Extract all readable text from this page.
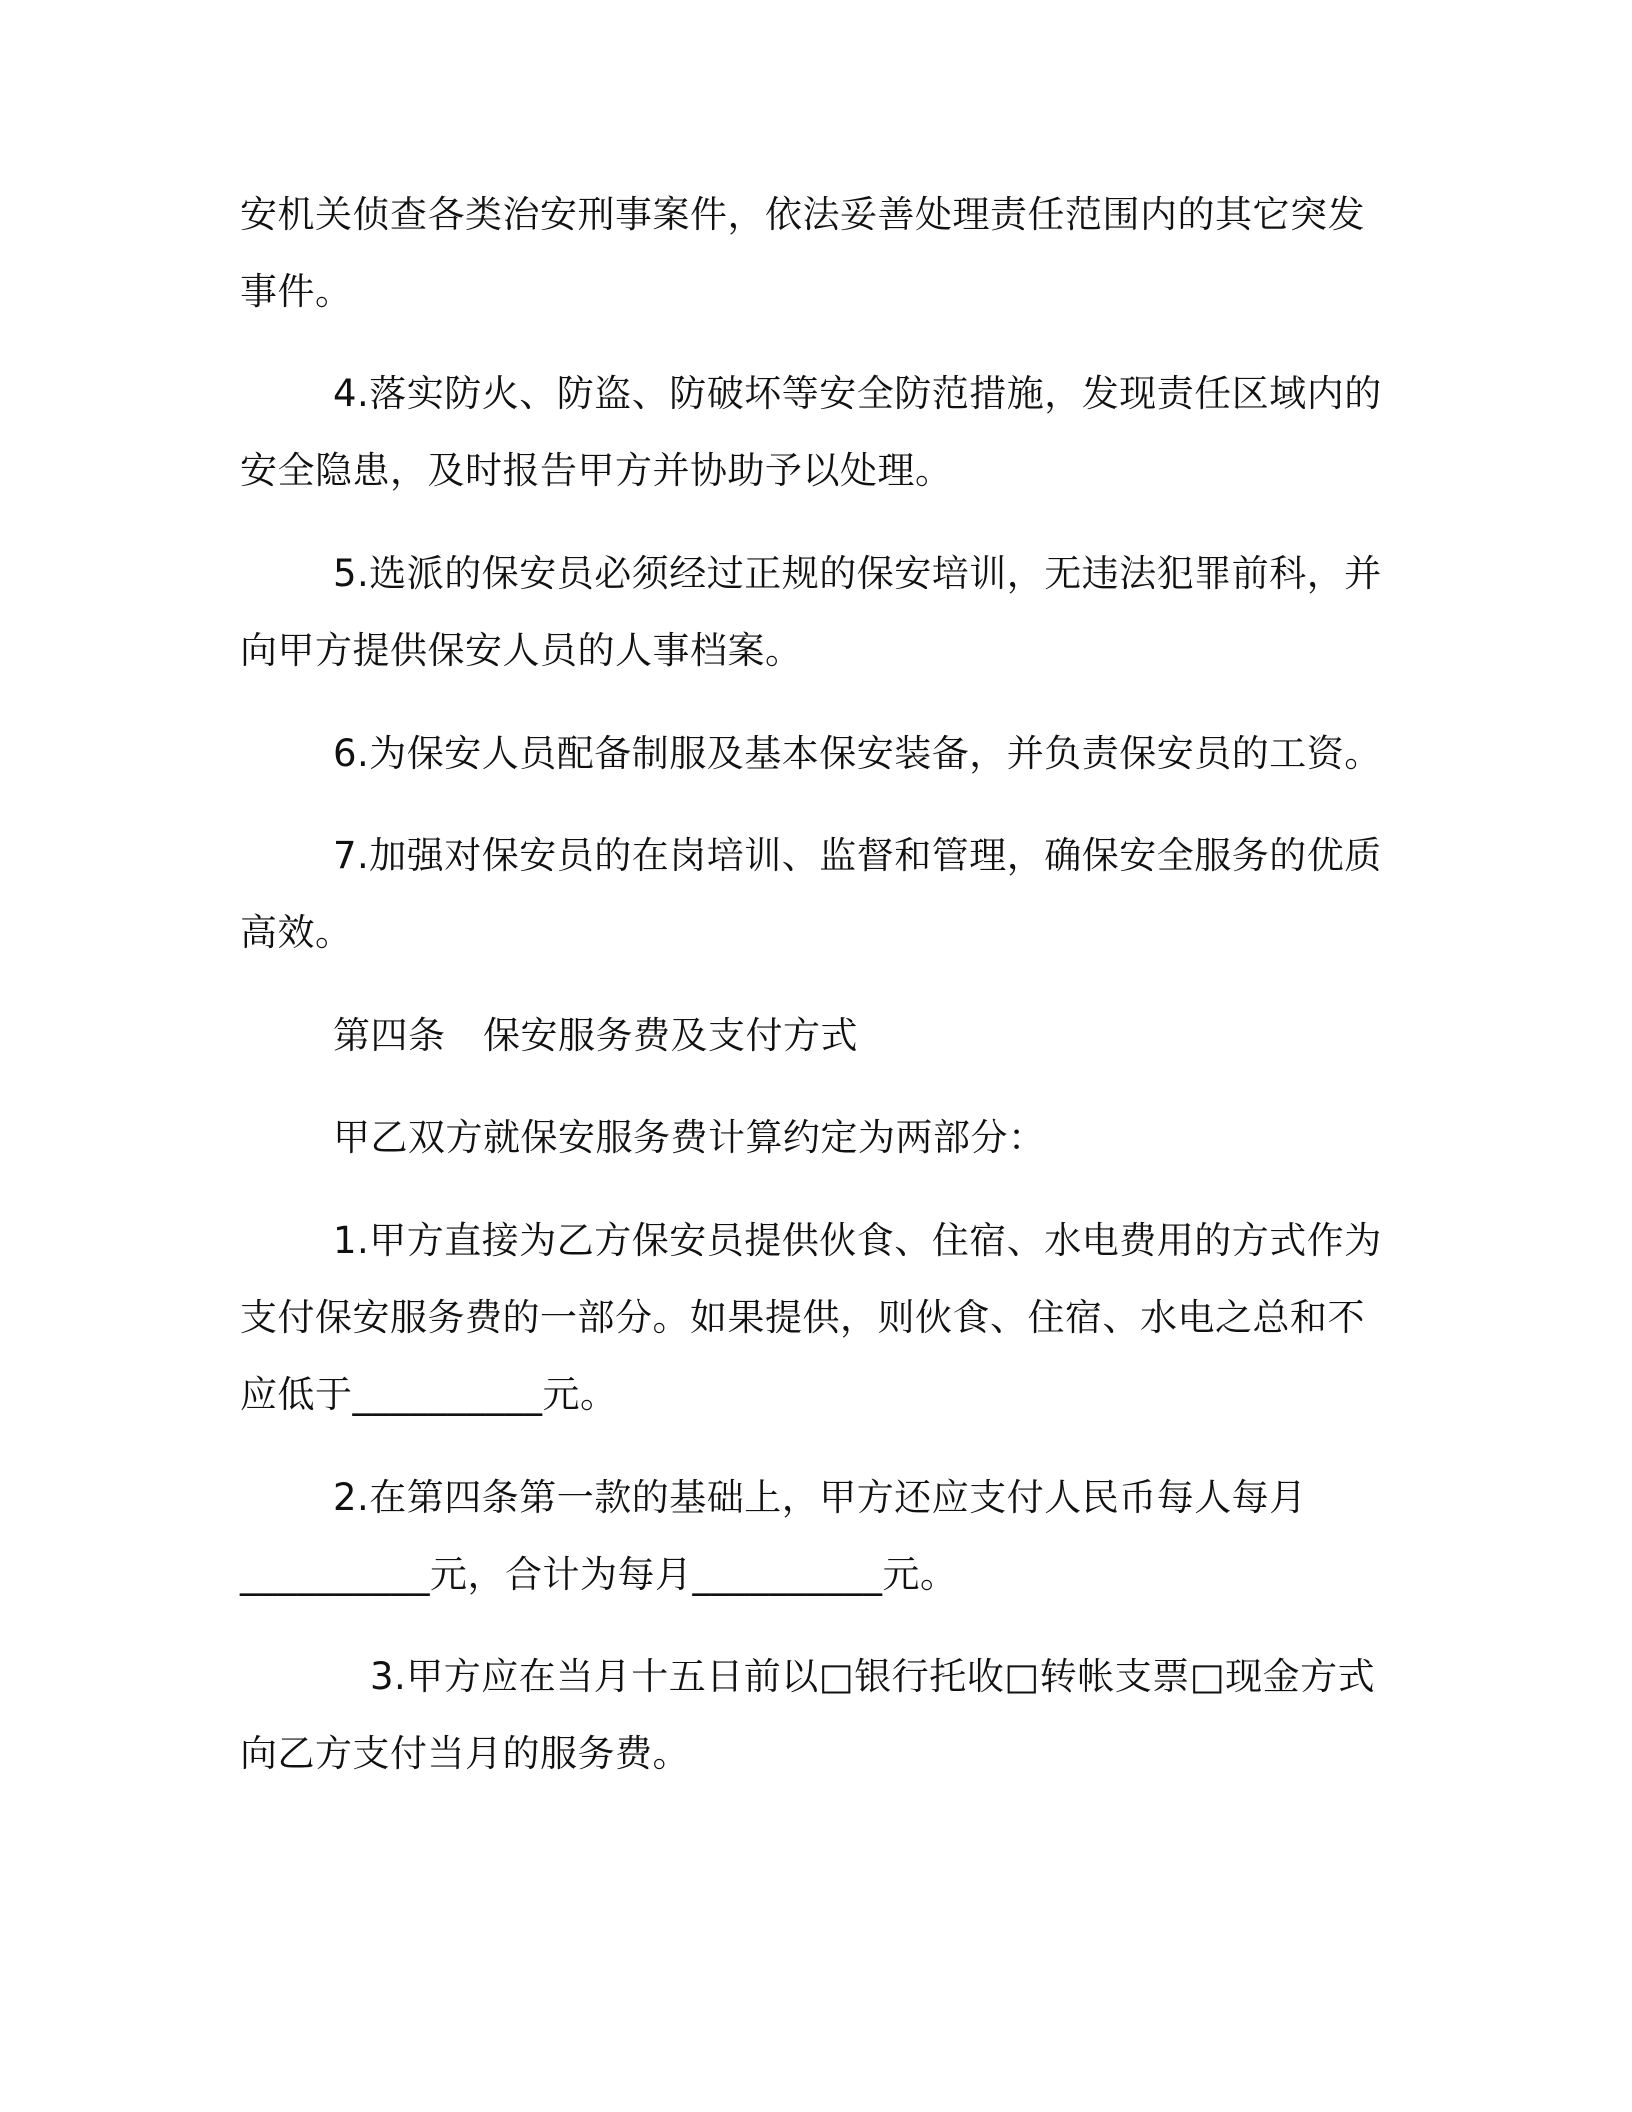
安机关侦查各类治安刑事案件，依法妥善处理责任范围内的其它突发
事件。
4.落实防火、防盗、防破坏等安全防范措施，发现责任区域内的
安全隐患，及时报告甲方并协助予以处理。
5.选派的保安员必须经过正规的保安培训，无违法犯罪前科，并
向甲方提供保安人员的人事档案。
6.为保安人员配备制服及基本保安装备，并负责保安员的工资。
7.加强对保安员的在岗培训、监督和管理，确保安全服务的优质
高效。
第四条　保安服务费及支付方式
甲乙双方就保安服务费计算约定为两部分：
1.甲方直接为乙方保安员提供伙食、住宿、水电费用的方式作为
支付保安服务费的一部分。如果提供，则伙食、住宿、水电之总和不
应低于__________元。
2.在第四条第一款的基础上，甲方还应支付人民币每人每月
__________元，合计为每月__________元。
3.甲方应在当月十五日前以□银行托收□转帐支票□现金方式
向乙方支付当月的服务费。
